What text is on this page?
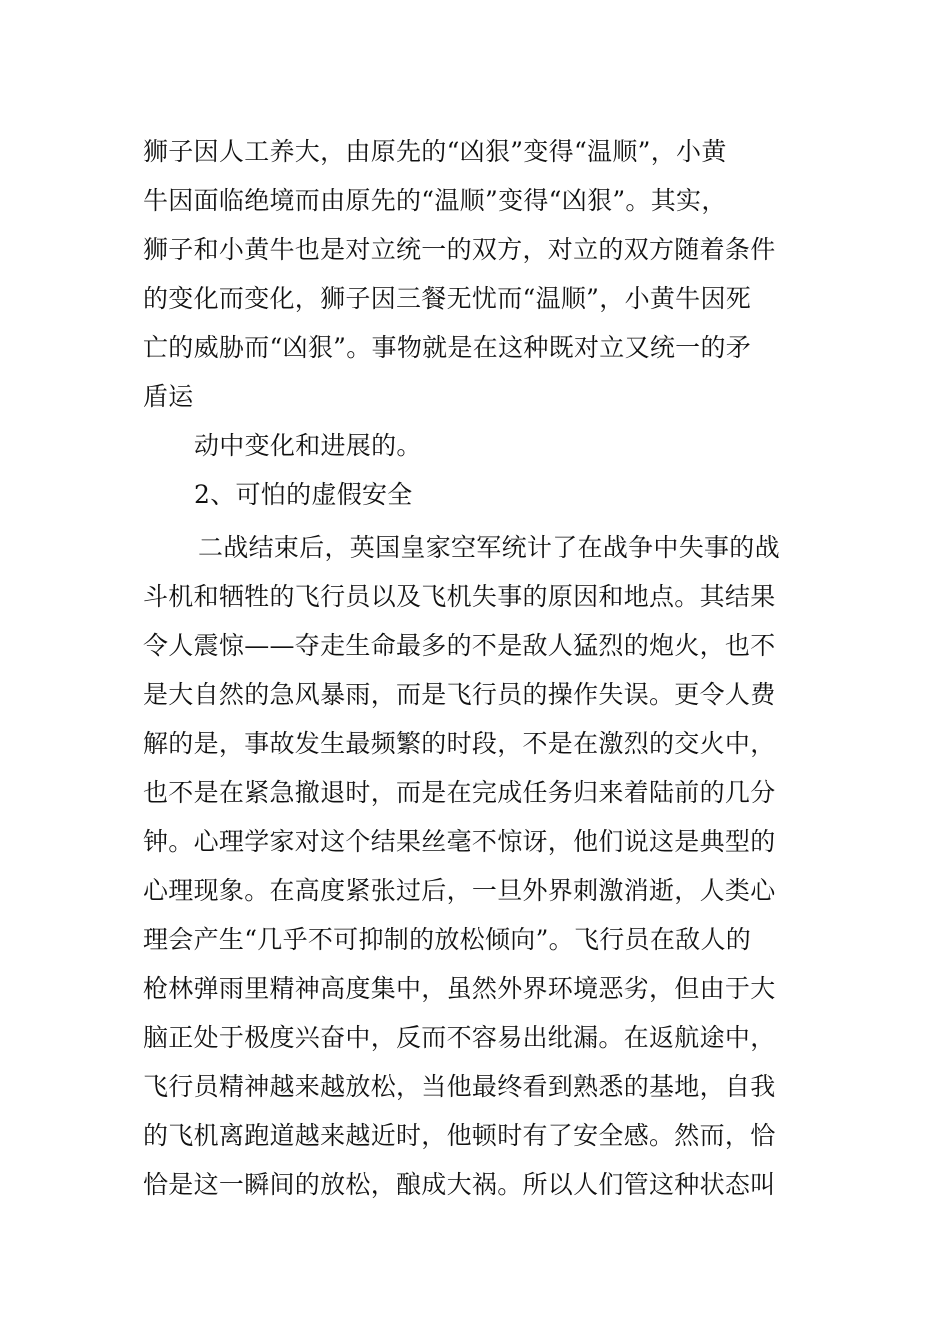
狮子因人工养大，由原先的“凶狠”变得“温顺”，小黄
牛因面临绝境而由原先的“温顺”变得“凶狠”。其实，
狮子和小黄牛也是对立统一的双方，对立的双方随着条件
的变化而变化，狮子因三餐无忧而“温顺”，小黄牛因死
亡的威胁而“凶狠”。事物就是在这种既对立又统一的矛
盾运
动中变化和进展的。
2、可怕的虚假安全
二战结束后，英国皇家空军统计了在战争中失事的战
斗机和牺牲的飞行员以及飞机失事的原因和地点。其结果
令人震惊——夺走生命最多的不是敌人猛烈的炮火，也不
是大自然的急风暴雨，而是飞行员的操作失误。更令人费
解的是，事故发生最频繁的时段，不是在激烈的交火中，
也不是在紧急撤退时，而是在完成任务归来着陆前的几分
钟。心理学家对这个结果丝毫不惊讶，他们说这是典型的
心理现象。在高度紧张过后，一旦外界刺激消逝，人类心
理会产生“几乎不可抑制的放松倾向”。飞行员在敌人的
枪林弹雨里精神高度集中，虽然外界环境恶劣，但由于大
脑正处于极度兴奋中，反而不容易出纰漏。在返航途中，
飞行员精神越来越放松，当他最终看到熟悉的基地，自我
的飞机离跑道越来越近时，他顿时有了安全感。然而，恰
恰是这一瞬间的放松，酿成大祸。所以人们管这种状态叫
